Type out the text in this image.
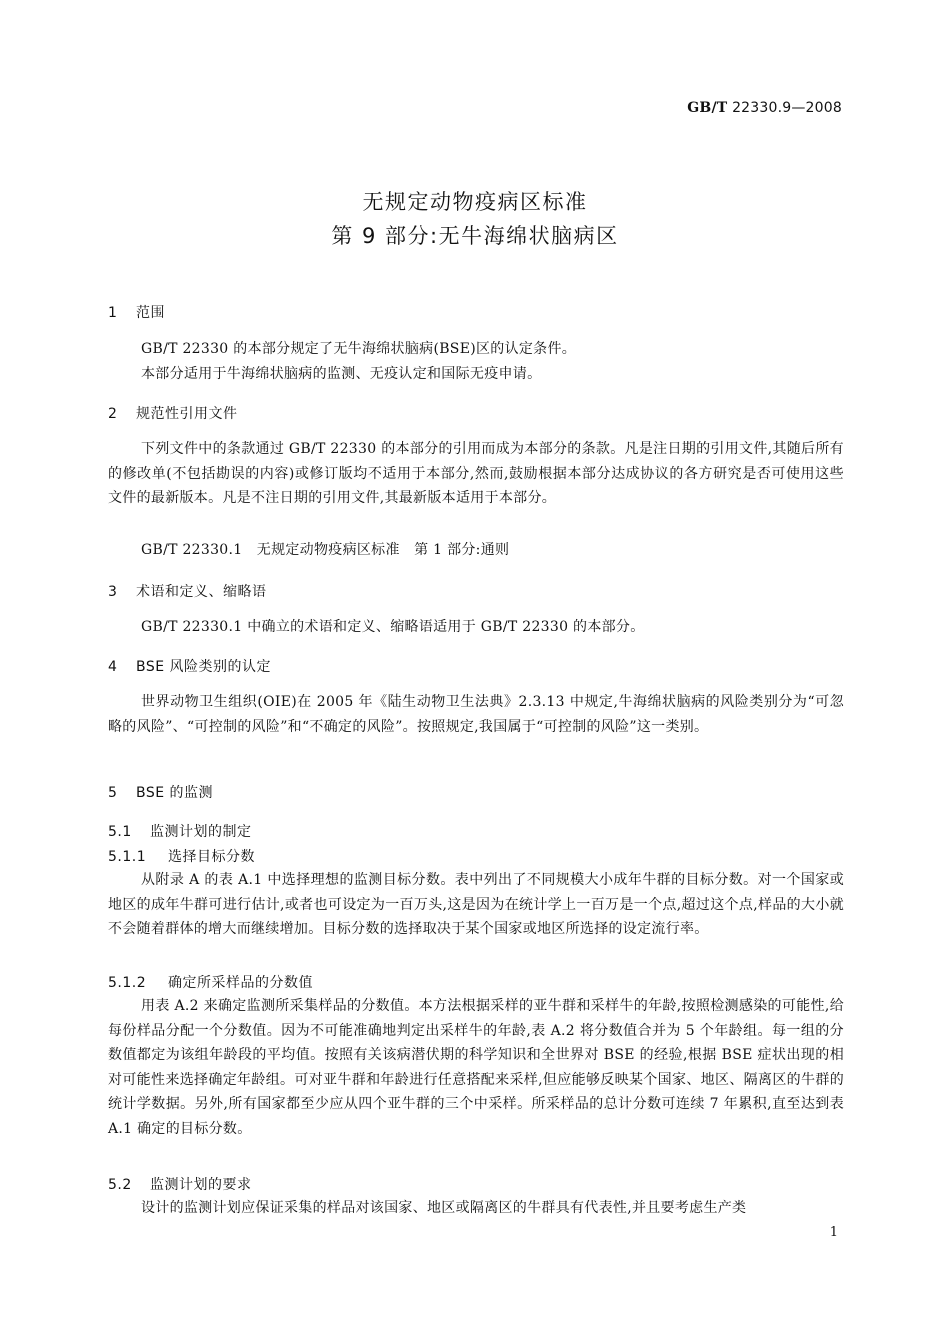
GB/T 22330.9—2008
无规定动物疫病区标准
第 9 部分:无牛海绵状脑病区
1 范围
GB/T 22330 的本部分规定了无牛海绵状脑病(BSE)区的认定条件。
本部分适用于牛海绵状脑病的监测、无疫认定和国际无疫申请。
2 规范性引用文件
下列文件中的条款通过 GB/T 22330 的本部分的引用而成为本部分的条款。凡是注日期的引用文件,其随后所有的修改单(不包括勘误的内容)或修订版均不适用于本部分,然而,鼓励根据本部分达成协议的各方研究是否可使用这些文件的最新版本。凡是不注日期的引用文件,其最新版本适用于本部分。
GB/T 22330.1　无规定动物疫病区标准　第 1 部分:通则
3 术语和定义、缩略语
GB/T 22330.1 中确立的术语和定义、缩略语适用于 GB/T 22330 的本部分。
4 BSE 风险类别的认定
世界动物卫生组织(OIE)在 2005 年《陆生动物卫生法典》2.3.13 中规定,牛海绵状脑病的风险类别分为“可忽略的风险”、“可控制的风险”和“不确定的风险”。按照规定,我国属于“可控制的风险”这一类别。
5 BSE 的监测
5.1 监测计划的制定
5.1.1 选择目标分数
从附录 A 的表 A.1 中选择理想的监测目标分数。表中列出了不同规模大小成年牛群的目标分数。对一个国家或地区的成年牛群可进行估计,或者也可设定为一百万头,这是因为在统计学上一百万是一个点,超过这个点,样品的大小就不会随着群体的增大而继续增加。目标分数的选择取决于某个国家或地区所选择的设定流行率。
5.1.2 确定所采样品的分数值
用表 A.2 来确定监测所采集样品的分数值。本方法根据采样的亚牛群和采样牛的年龄,按照检测感染的可能性,给每份样品分配一个分数值。因为不可能准确地判定出采样牛的年龄,表 A.2 将分数值合并为 5 个年龄组。每一组的分数值都定为该组年龄段的平均值。按照有关该病潜伏期的科学知识和全世界对 BSE 的经验,根据 BSE 症状出现的相对可能性来选择确定年龄组。可对亚牛群和年龄进行任意搭配来采样,但应能够反映某个国家、地区、隔离区的牛群的统计学数据。另外,所有国家都至少应从四个亚牛群的三个中采样。所采样品的总计分数可连续 7 年累积,直至达到表 A.1 确定的目标分数。
5.2 监测计划的要求
设计的监测计划应保证采集的样品对该国家、地区或隔离区的牛群具有代表性,并且要考虑生产类
1
